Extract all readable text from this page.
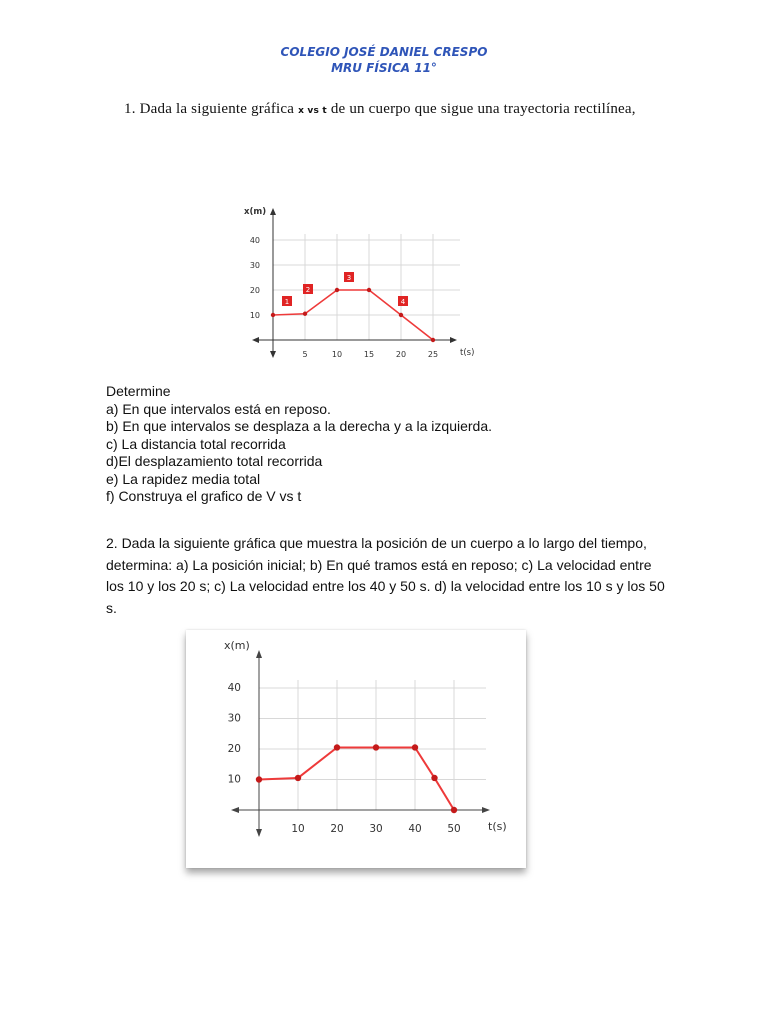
COLEGIO JOSÉ DANIEL CRESPO
MRU FÍSICA 11°
1. Dada la siguiente gráfica x vs t de un cuerpo que sigue una trayectoria rectilínea,
x(m)
t(s)
10
20
30
40
5	10	15	20	25
1
2
3
4
Determine
a) En que intervalos está en reposo.
b) En que intervalos se desplaza a la derecha y a la izquierda.
c) La distancia total recorrida
d)El desplazamiento total recorrida
e) La rapidez media total
f) Construya el grafico de V vs t
2. Dada la siguiente gráfica que muestra la posición de un cuerpo a lo largo del tiempo, determina: a) La posición inicial; b) En qué tramos está en reposo; c) La velocidad entre los 10 y los 20 s; c) La velocidad entre los 40 y 50 s. d) la velocidad entre los 10 s y los 50 s.
x(m)
t(s)
10
20
30
40
10 20 30 40 50
